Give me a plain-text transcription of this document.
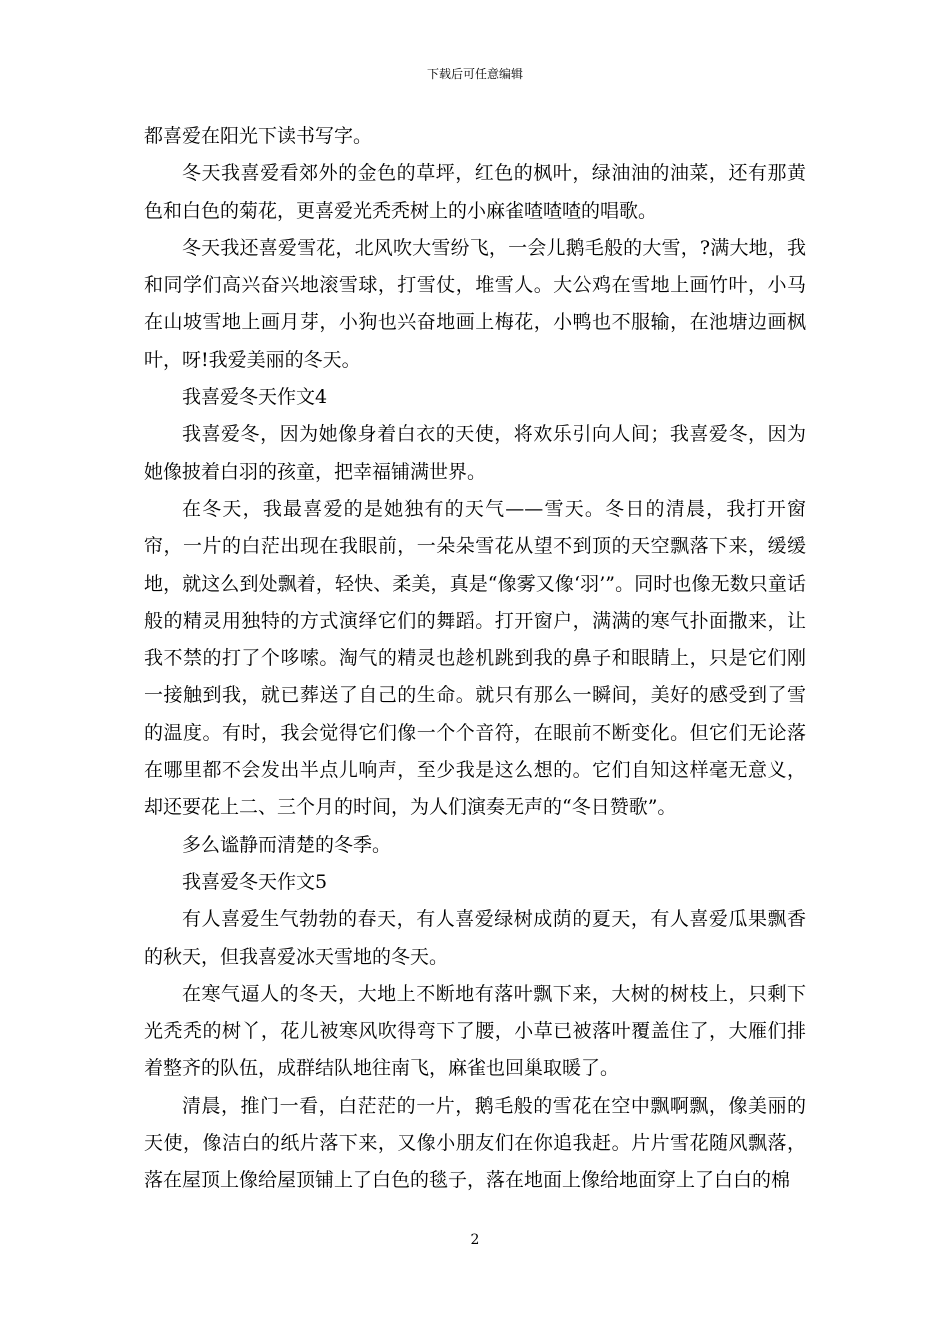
下载后可任意编辑

都喜爱在阳光下读书写字。

冬天我喜爱看郊外的金色的草坪，红色的枫叶，绿油油的油菜，还有那黄色和白色的菊花，更喜爱光秃秃树上的小麻雀喳喳喳的唱歌。

冬天我还喜爱雪花，北风吹大雪纷飞，一会儿鹅毛般的大雪，?满大地，我和同学们高兴奋兴地滚雪球，打雪仗，堆雪人。大公鸡在雪地上画竹叶，小马在山坡雪地上画月芽，小狗也兴奋地画上梅花，小鸭也不服输，在池塘边画枫叶，呀!我爱美丽的冬天。

我喜爱冬天作文4

我喜爱冬，因为她像身着白衣的天使，将欢乐引向人间；我喜爱冬，因为她像披着白羽的孩童，把幸福铺满世界。

在冬天，我最喜爱的是她独有的天气——雪天。冬日的清晨，我打开窗帘，一片的白茫出现在我眼前，一朵朵雪花从望不到顶的天空飘落下来，缓缓地，就这么到处飘着，轻快、柔美，真是“像雾又像‘羽’”。同时也像无数只童话般的精灵用独特的方式演绎它们的舞蹈。打开窗户，满满的寒气扑面撒来，让我不禁的打了个哆嗦。淘气的精灵也趁机跳到我的鼻子和眼睛上，只是它们刚一接触到我，就已葬送了自己的生命。就只有那么一瞬间，美好的感受到了雪的温度。有时，我会觉得它们像一个个音符，在眼前不断变化。但它们无论落在哪里都不会发出半点儿响声，至少我是这么想的。它们自知这样毫无意义，却还要花上二、三个月的时间，为人们演奏无声的“冬日赞歌”。

多么谧静而清楚的冬季。

我喜爱冬天作文5

有人喜爱生气勃勃的春天，有人喜爱绿树成荫的夏天，有人喜爱瓜果飘香的秋天，但我喜爱冰天雪地的冬天。

在寒气逼人的冬天，大地上不断地有落叶飘下来，大树的树枝上，只剩下光秃秃的树丫，花儿被寒风吹得弯下了腰，小草已被落叶覆盖住了，大雁们排着整齐的队伍，成群结队地往南飞，麻雀也回巢取暖了。

清晨，推门一看，白茫茫的一片，鹅毛般的雪花在空中飘啊飘，像美丽的天使，像洁白的纸片落下来，又像小朋友们在你追我赶。片片雪花随风飘落，落在屋顶上像给屋顶铺上了白色的毯子，落在地面上像给地面穿上了白白的棉

2
